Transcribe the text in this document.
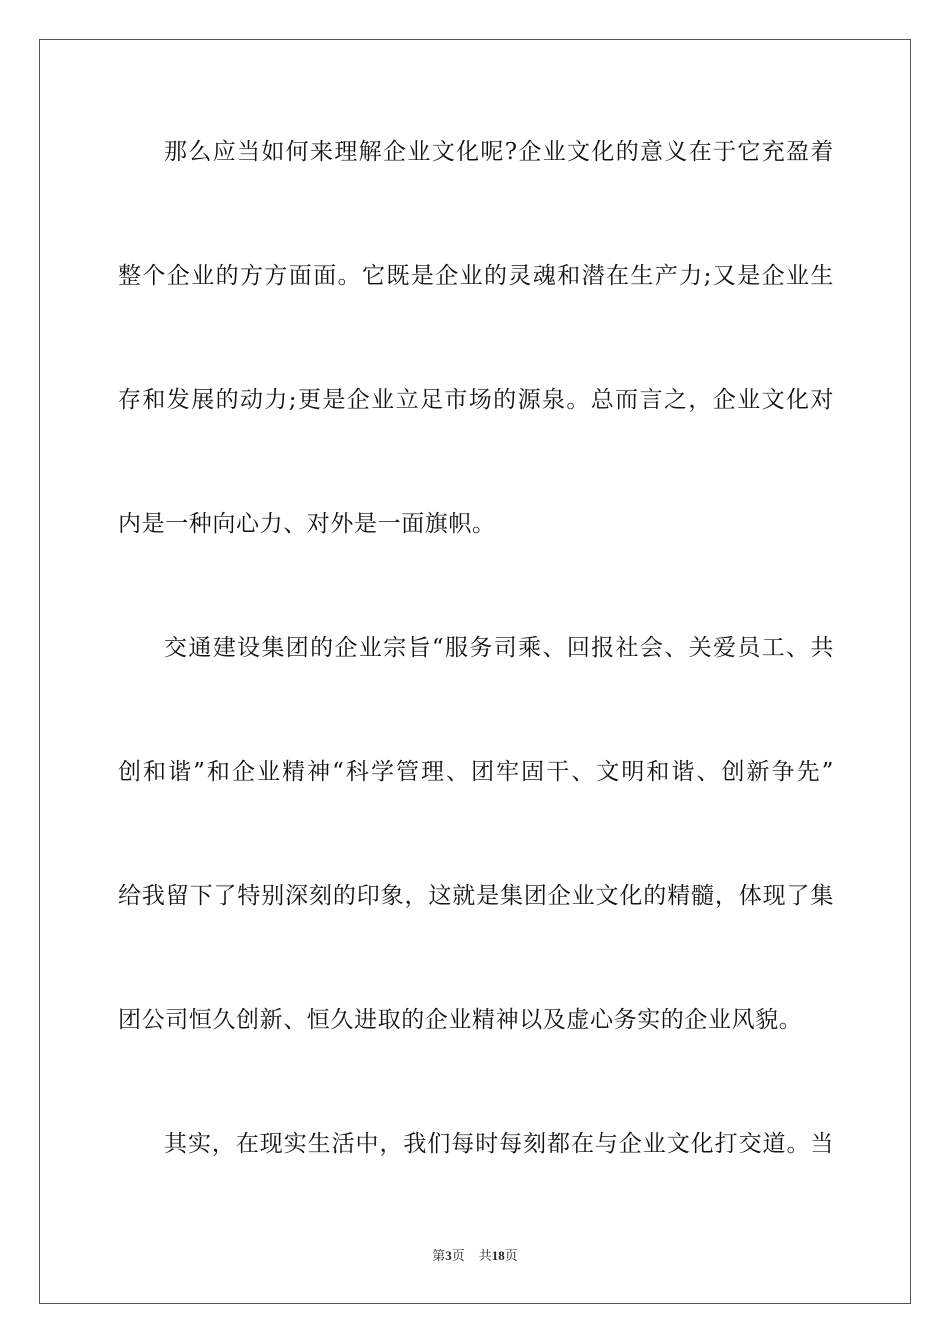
那么应当如何来理解企业文化呢?企业文化的意义在于它充盈着
整个企业的方方面面。它既是企业的灵魂和潜在生产力;又是企业生
存和发展的动力;更是企业立足市场的源泉。总而言之，企业文化对
内是一种向心力、对外是一面旗帜。
交通建设集团的企业宗旨“服务司乘、回报社会、关爱员工、共
创和谐”和企业精神“科学管理、团牢固干、文明和谐、创新争先”
给我留下了特别深刻的印象，这就是集团企业文化的精髓，体现了集
团公司恒久创新、恒久进取的企业精神以及虚心务实的企业风貌。
其实，在现实生活中，我们每时每刻都在与企业文化打交道。当
第3页 共18页
